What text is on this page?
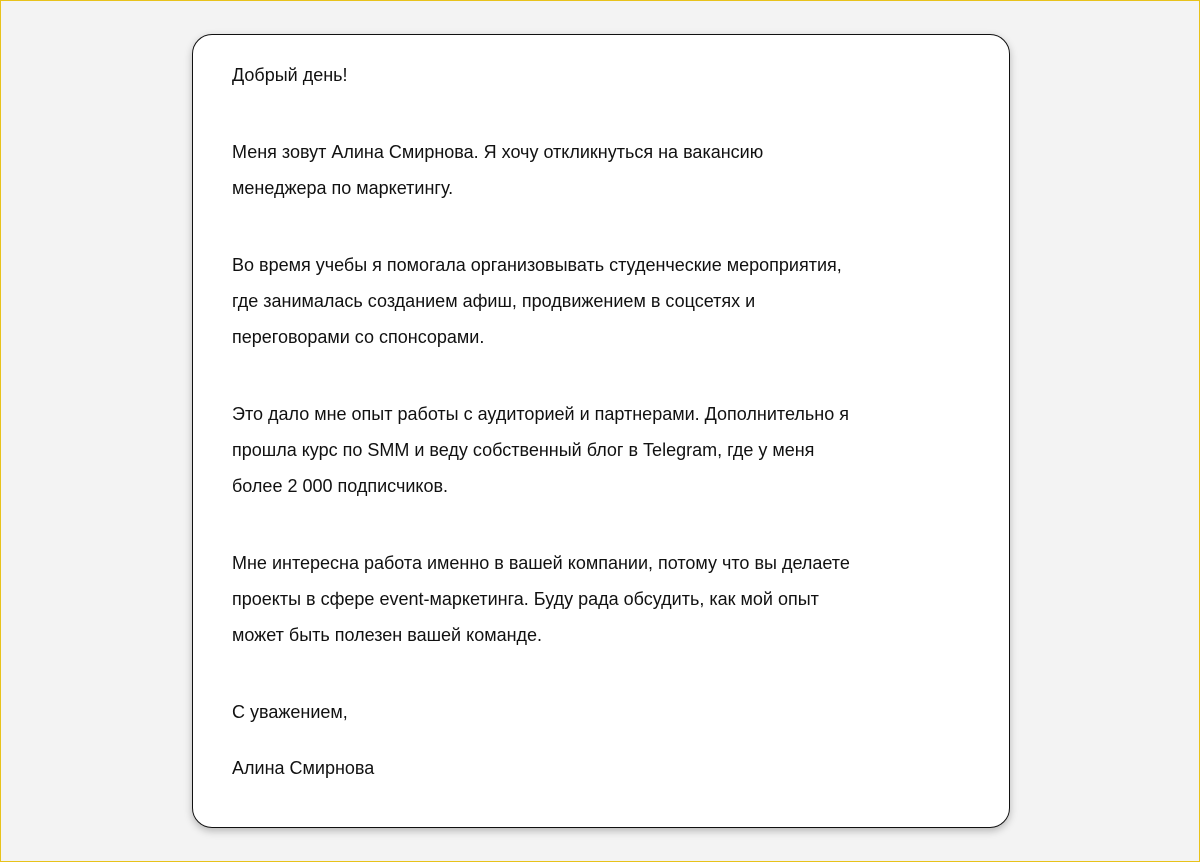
Добрый день!

Меня зовут Алина Смирнова. Я хочу откликнуться на вакансию
менеджера по маркетингу.

Во время учебы я помогала организовывать студенческие мероприятия,
где занималась созданием афиш, продвижением в соцсетях и
переговорами со спонсорами.

Это дало мне опыт работы с аудиторией и партнерами. Дополнительно я
прошла курс по SMM и веду собственный блог в Telegram, где у меня
более 2 000 подписчиков.

Мне интересна работа именно в вашей компании, потому что вы делаете
проекты в сфере event-маркетинга. Буду рада обсудить, как мой опыт
может быть полезен вашей команде.

С уважением,

Алина Смирнова
